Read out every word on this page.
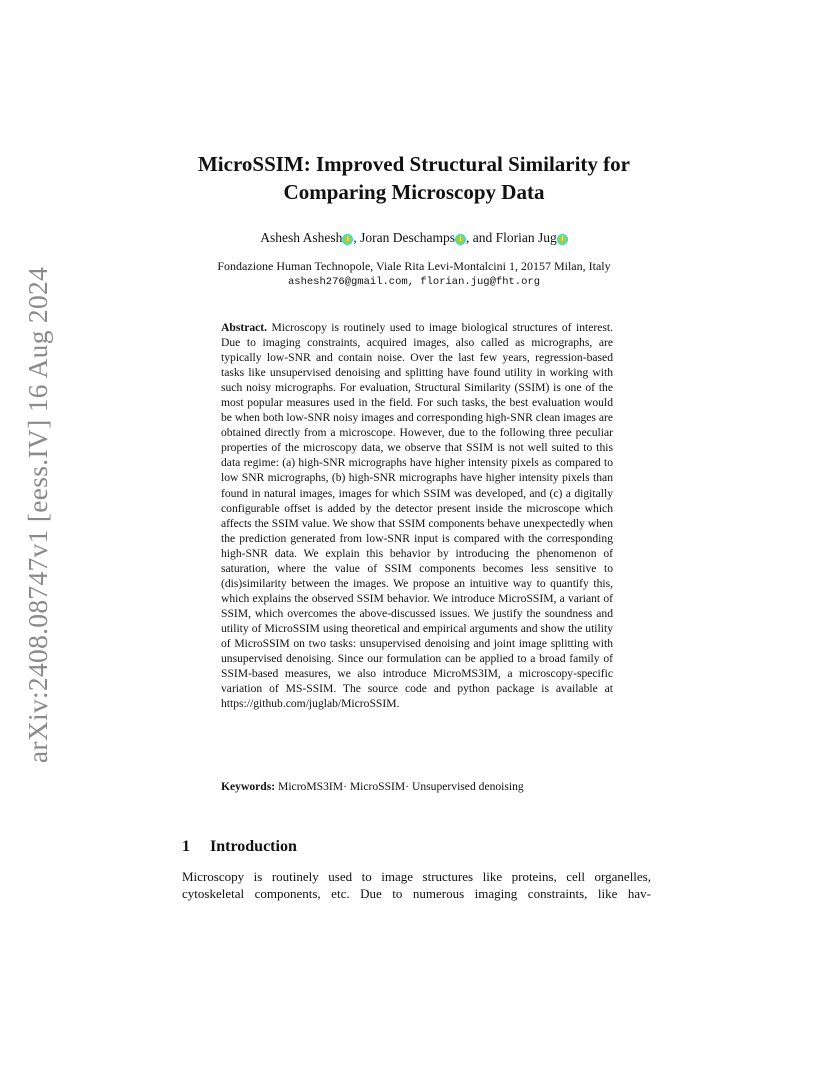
arXiv:2408.08747v1 [eess.IV] 16 Aug 2024
MicroSSIM: Improved Structural Similarity for
Comparing Microscopy Data
Ashesh Ashesh i , Joran Deschamps i , and Florian Jug i
Fondazione Human Technopole, Viale Rita Levi-Montalcini 1, 20157 Milan, Italy
ashesh276@gmail.com, florian.jug@fht.org
Abstract. Microscopy is routinely used to image biological structures of interest. Due to imaging constraints, acquired images, also called as micrographs, are typically low-SNR and contain noise. Over the last few years, regression-based tasks like unsupervised denoising and splitting have found utility in working with such noisy micrographs. For evaluation, Structural Similarity (SSIM) is one of the most popular measures used in the field. For such tasks, the best evaluation would be when both low-SNR noisy images and corresponding high-SNR clean images are obtained directly from a microscope. However, due to the following three peculiar properties of the microscopy data, we observe that SSIM is not well suited to this data regime: (a) high-SNR micrographs have higher intensity pixels as compared to low SNR micrographs, (b) high-SNR micrographs have higher intensity pixels than found in natural images, images for which SSIM was developed, and (c) a digitally configurable offset is added by the detector present inside the microscope which affects the SSIM value. We show that SSIM components behave unexpectedly when the prediction generated from low-SNR input is compared with the corresponding high-SNR data. We explain this behavior by introducing the phenomenon of saturation, where the value of SSIM components becomes less sensitive to (dis)similarity between the images. We propose an intuitive way to quantify this, which explains the observed SSIM behavior. We introduce MicroSSIM, a variant of SSIM, which overcomes the above-discussed issues. We justify the soundness and utility of MicroSSIM using theoretical and empirical arguments and show the utility of MicroSSIM on two tasks: unsupervised denoising and joint image splitting with unsupervised denoising. Since our formulation can be applied to a broad family of SSIM-based measures, we also introduce MicroMS3IM, a microscopy-specific variation of MS-SSIM. The source code and python package is available at https://github.com/juglab/MicroSSIM.
Keywords: MicroMS3IM· MicroSSIM· Unsupervised denoising
1 Introduction
Microscopy is routinely used to image structures like proteins, cell organelles, cytoskeletal components, etc. Due to numerous imaging constraints, like hav-
